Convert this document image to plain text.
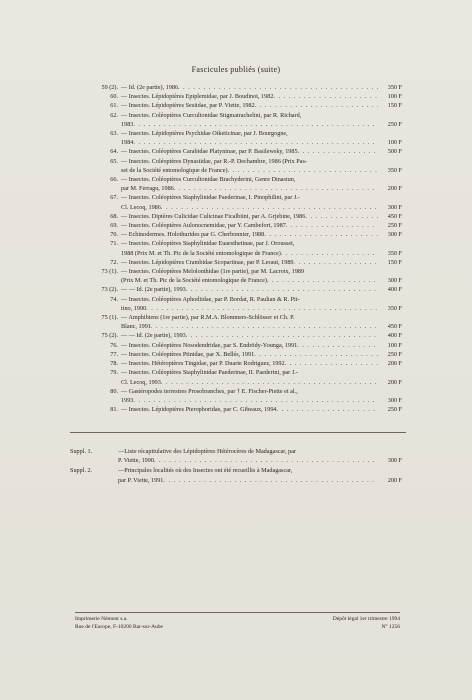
Fascicules publiés (suite)
59 (2). — Id. (2e partie), 1986 . . .	350 F
60. — Insectes. Lépidoptères Epiplemidae, par J. Boudinot, 1982 . . .	100 F
61. — Insectes. Lépidoptères Sesiidae, par P. Viette, 1982 . . .	150 F
62. — Insectes. Coléoptères Curculionidae Stigmatrachelini, par R. Richard,
1983 . . .	250 F
63. — Insectes. Lépidoptères Psychidae Oiketicinae, par J. Bourgogne,
1984 . . .	100 F
64. — Insectes. Coléoptères Carabidae Platyninae, par P. Basilewsky, 1985 . . .	500 F
65. — Insectes. Coléoptères Dynastidae, par R.-P. Dechambre, 1986 (Prix Pas-
set de la Société entomologique de France) . . .	350 F
66. — Insectes. Coléoptères Curculionidae Brachyderini, Genre Dinastun,
par M. Ferragu, 1986 . . .	200 F
67. — Insectes. Coléoptères Staphylinidae Paederinae, I. Pinophilini, par J.-
Cl. Lecoq, 1986 . . .	300 F
68. — Insectes. Diptères Culicidae Culicinae Ficalbiini, par A. Grjebine, 1986 . . .	450 F
69. — Insectes. Coléoptères Aulonocnemidae, par Y. Cambefort, 1987 . . .	250 F
70. — Echinodermes. Holothurides par G. Cherbonnier, 1988 . . .	300 F
71. — Insectes. Coléoptères Staphylinidae Euaesthetinae, par J. Orousset,
1988 (Prix M. et Th. Pic de la Société entomologique de France) . . .	350 F
72. — Insectes. Lépidoptères Crambidae Scopariinae, par P. Leraut, 1989 . . .	150 F
73 (1). — Insectes. Coléoptères Melolonthidae (1re partie), par M. Lacroix, 1989
(Prix M. et Th. Pic de la Société entomologique de France) . . .	300 F
73 (2). — — Id. (2e partie), 1993 . . .	400 F
74. — Insectes. Coléoptères Aphodiidae, par P. Bordat, R. Paulian & R. Pit-
tino, 1990 . . .	350 F
75 (1). — Amphibiens (1re partie), par R.M.A. Blommers-Schlösser et Ch. P.
Blanc, 1991 . . .	450 F
75 (2). — — Id. (2e partie), 1993 . . .	400 F
76. — Insectes. Coléoptères Nosodendridae, par S. Endrödy-Younga, 1991 . . .	100 F
77. — Insectes. Coléoptères Ptinidae, par X. Bellés, 1991 . . .	250 F
78. — Insectes. Hétéroptères Tingidae, par P. Duarte Rodriguez, 1992 . . .	200 F
79. — Insectes. Coléoptères Staphylinidae Paederinae, II. Paederini, par J.-
Cl. Lecoq, 1993 . . .	200 F
80. — Gastéropodes terrestres Prosobranches, par † E. Fischer-Piette et al.,
1993 . . .	300 F
81. — Insectes. Lépidoptères Pterophoridae, par C. Gibeaux, 1994 . . .	250 F
Suppl. 1.	—Liste récapitulative des Lépidoptères Hétérocères de Madagascar, par
P. Viette, 1990 . . .	300 F
Suppl. 2.	—Principales localités où des Insectes ont été recueillis à Madagascar,
par P. Viette, 1991 . . .	200 F
Imprimerie Némont s.a.	Dépôt légal 1er trimestre 1994
Rue de l'Europe, F-10200 Bar-sur-Aube	N° 1256
